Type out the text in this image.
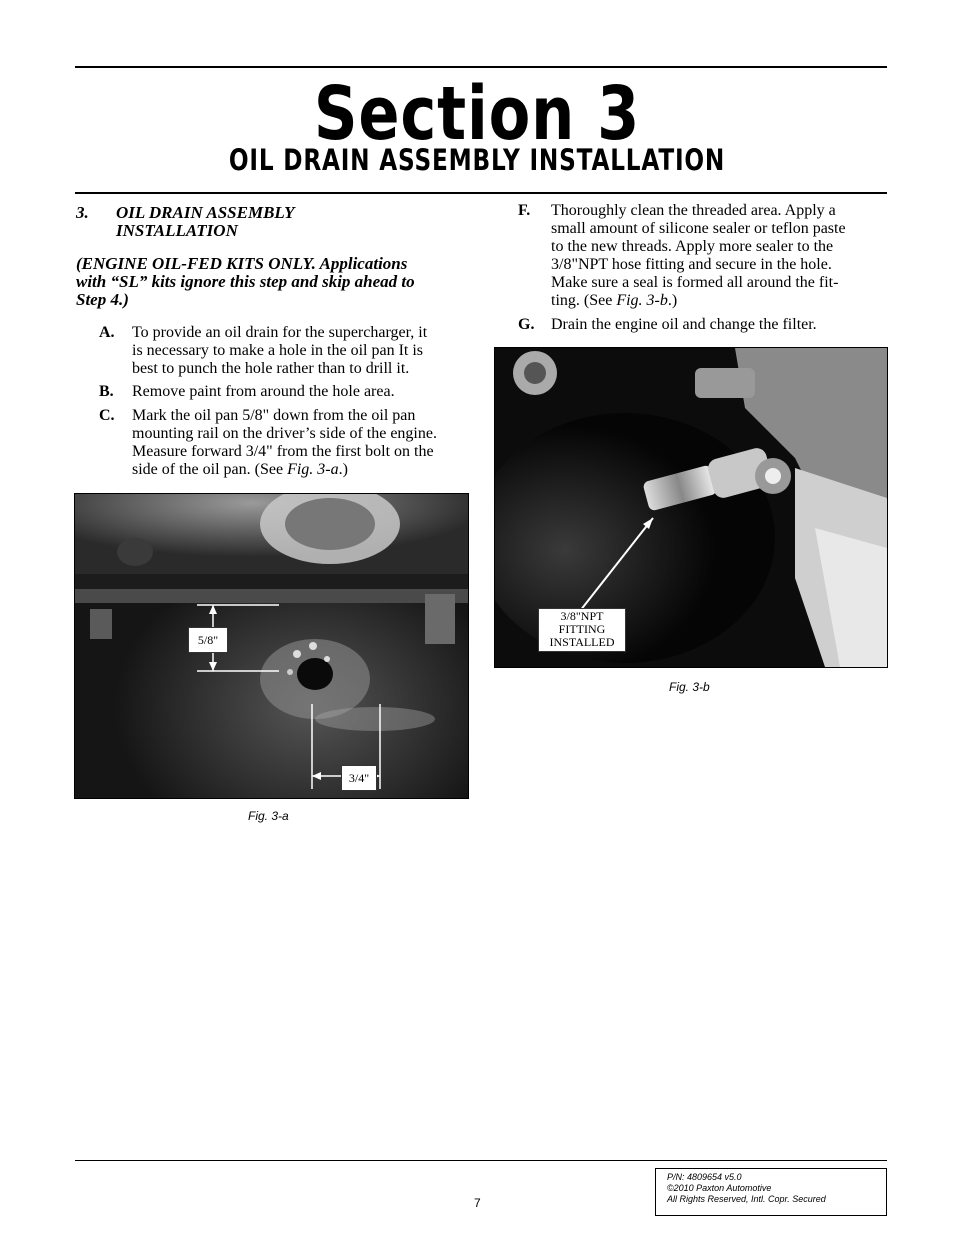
Section 3
OIL DRAIN ASSEMBLY INSTALLATION
3. OIL DRAIN ASSEMBLY
INSTALLATION
(ENGINE OIL-FED KITS ONLY. Applications
with “SL” kits ignore this step and skip ahead to
Step 4.)
A. To provide an oil drain for the supercharger, it
is necessary to make a hole in the oil pan It is
best to punch the hole rather than to drill it.
B. Remove paint from around the hole area.
C. Mark the oil pan 5/8" down from the oil pan
mounting rail on the driver’s side of the engine.
Measure forward 3/4" from the first bolt on the
side of the oil pan. (See Fig. 3-a.)
5/8"
3/4"
Fig. 3-a
F. Thoroughly clean the threaded area. Apply a
small amount of silicone sealer or teflon paste
to the new threads. Apply more sealer to the
3/8"NPT hose fitting and secure in the hole.
Make sure a seal is formed all around the fit-
ting. (See Fig. 3-b.)
G. Drain the engine oil and change the filter.
3/8"NPT
FITTING
INSTALLED
Fig. 3-b
7
P/N: 4809654 v5.0
©2010 Paxton Automotive
All Rights Reserved, Intl. Copr. Secured
